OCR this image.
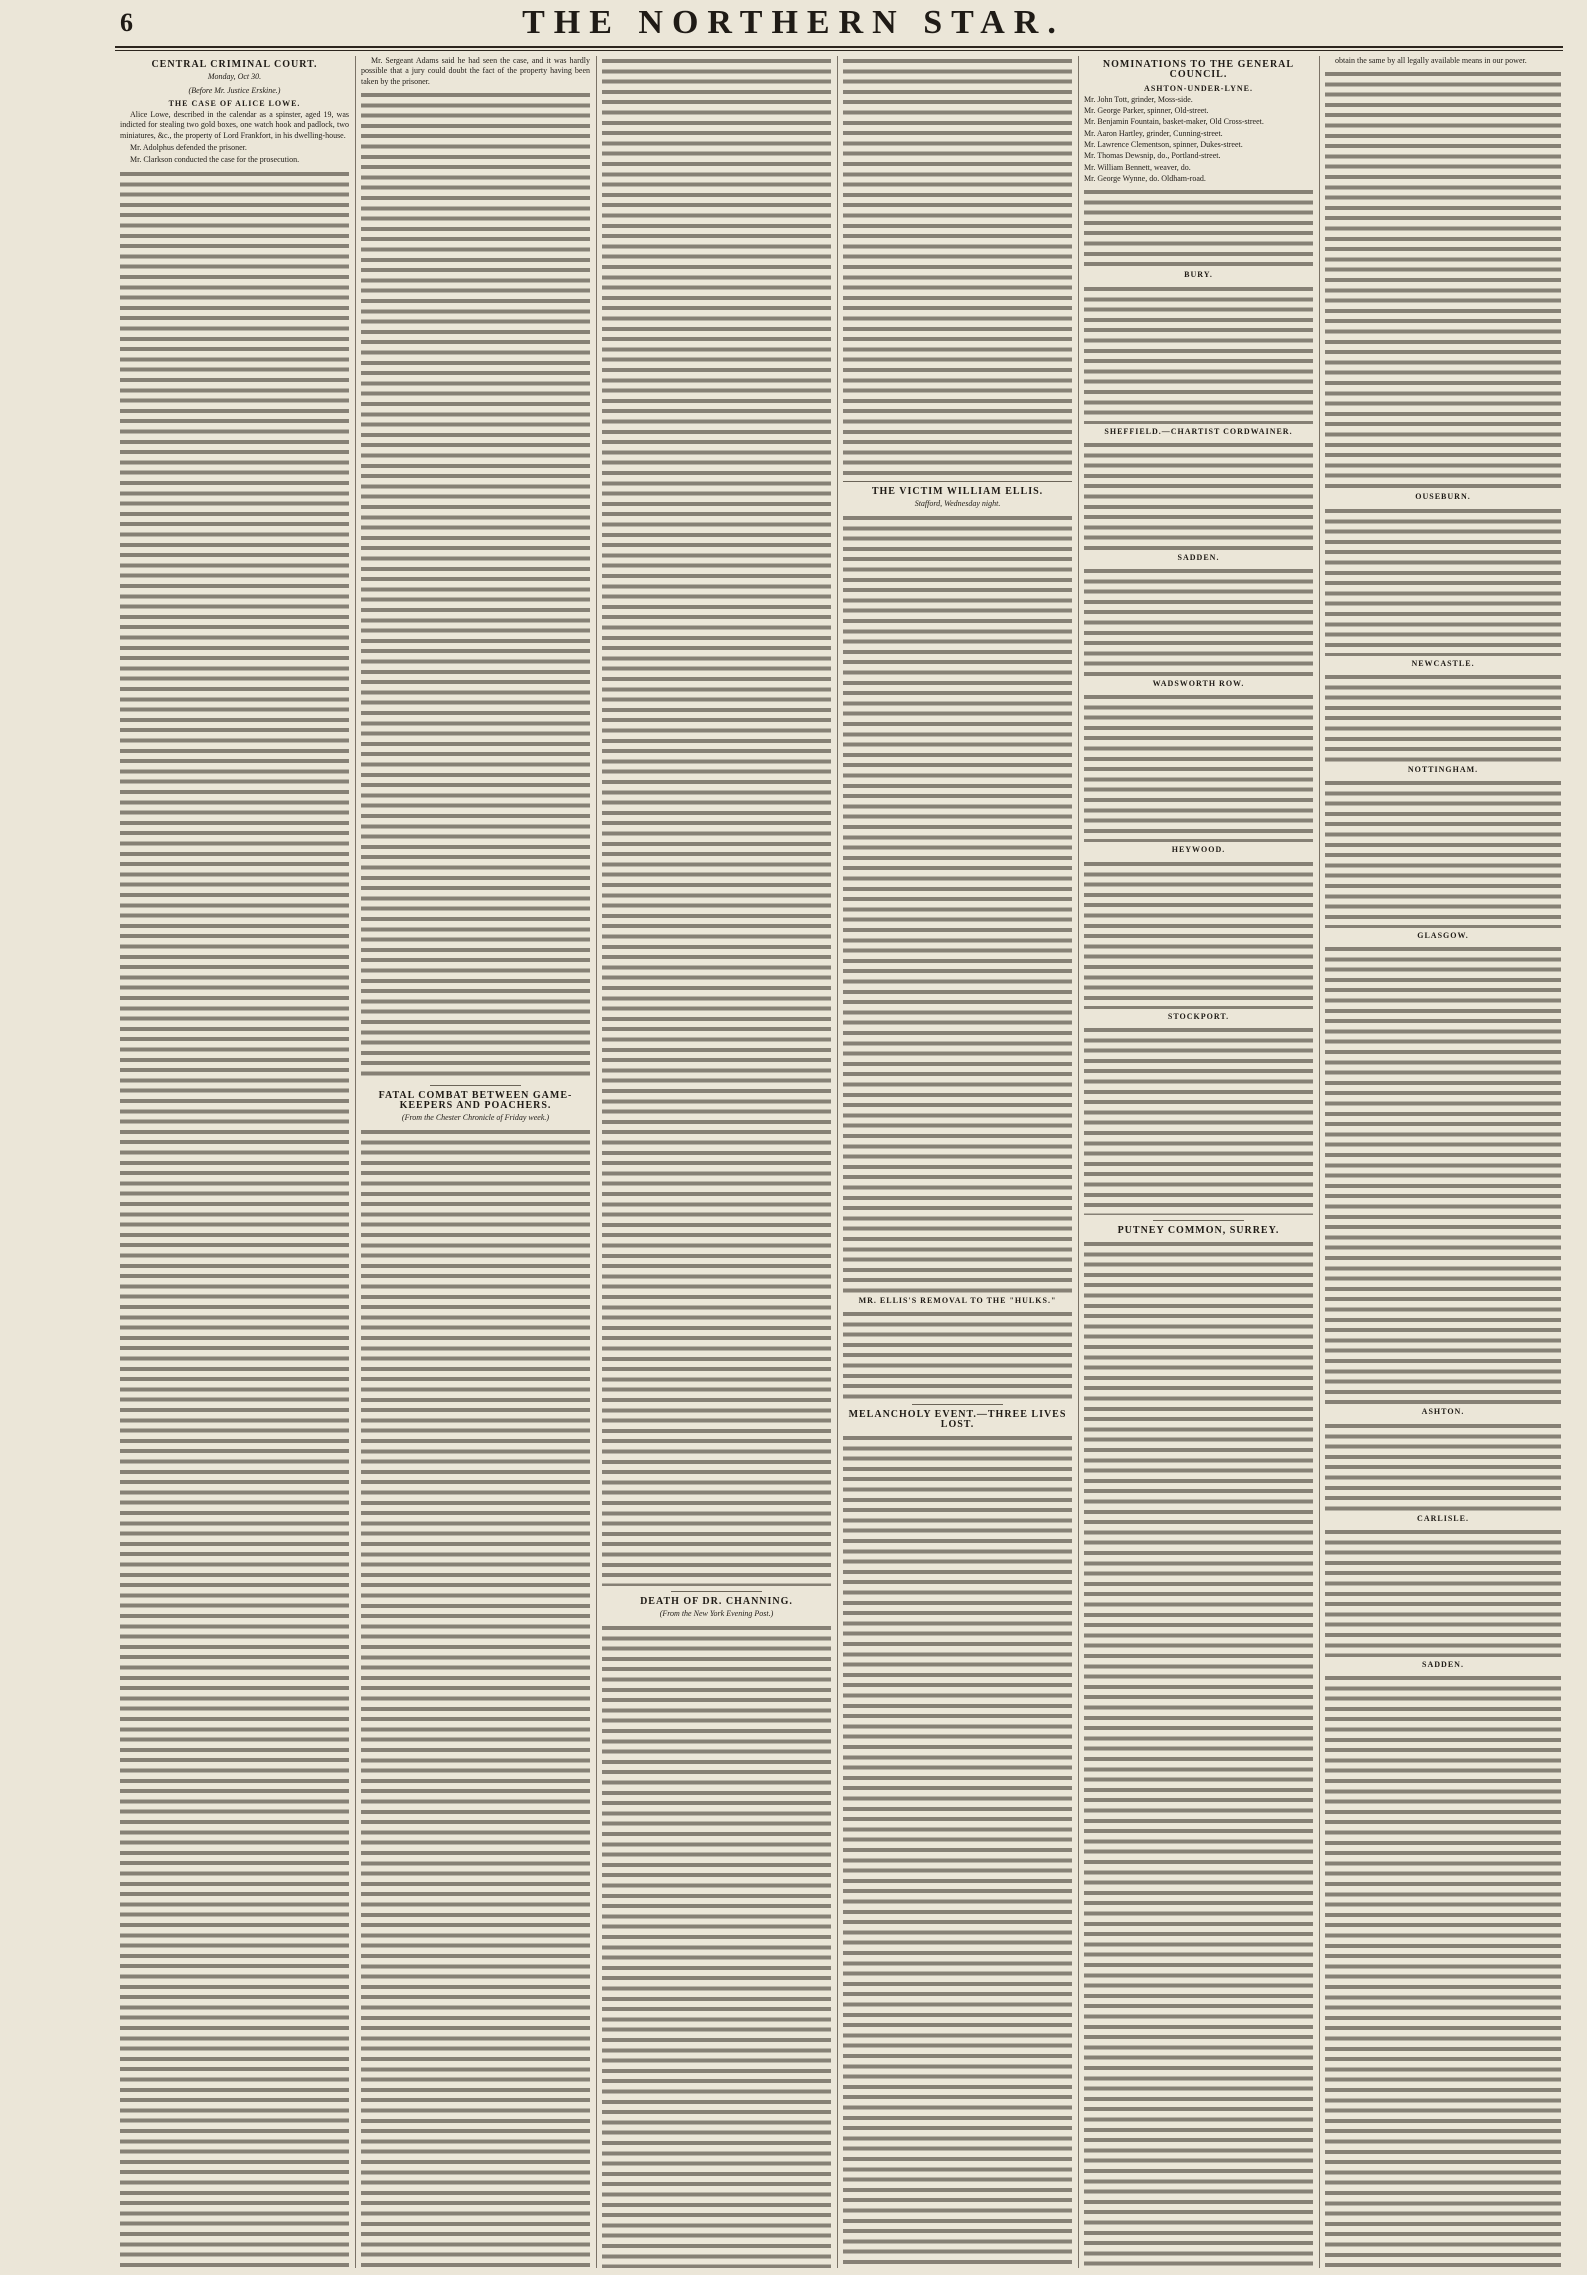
6	THE NORTHERN STAR.
CENTRAL CRIMINAL COURT.
Monday, Oct 30.
(Before Mr. Justice Erskine.)
THE CASE OF ALICE LOWE.

Alice Lowe, described in the calendar as a spinster, aged 19, was indicted for stealing two gold boxes, one watch hook and padlock, two miniatures, &c., the property of Lord Frankfort, in his dwelling-house.

Mr. Adolphus defended the prisoner.

Mr. Clarkson conducted the case for the prosecution.

Mr. Sergeant Adams said he had seen the case, and it was hardly possible that a jury could doubt the fact of the property having been taken by the prisoner.

FATAL COMBAT BETWEEN GAME-KEEPERS AND POACHERS.
(From the Chester Chronicle of Friday week.)
DEATH OF DR. CHANNING.
(From the New York Evening Post.)
THE VICTIM WILLIAM ELLIS.
Stafford, Wednesday night.
MR. ELLIS'S REMOVAL TO THE "HULKS."
MELANCHOLY EVENT.—THREE LIVES LOST.
NOMINATIONS TO THE GENERAL COUNCIL.
ASHTON-UNDER-LYNE.
Mr. John Tott, grinder, Moss-side.
Mr. George Parker, spinner, Old-street.
Mr. Benjamin Fountain, basket-maker, Old Cross-street.
Mr. Aaron Hartley, grinder, Cunning-street.
Mr. Lawrence Clementson, spinner, Dukes-street.
Mr. Thomas Dewsnip, do., Portland-street.
Mr. William Bennett, weaver, do.
Mr. George Wynne, do. Oldham-road.
BURY.
SHEFFIELD.—CHARTIST CORDWAINER.
SADDEN.
WADSWORTH ROW.
HEYWOOD.
STOCKPORT.
PUTNEY COMMON, SURREY.

obtain the same by all legally available means in our power.

OUSEBURN.
NEWCASTLE.
NOTTINGHAM.
GLASGOW.
ASHTON.
CARLISLE.
SADDEN.
